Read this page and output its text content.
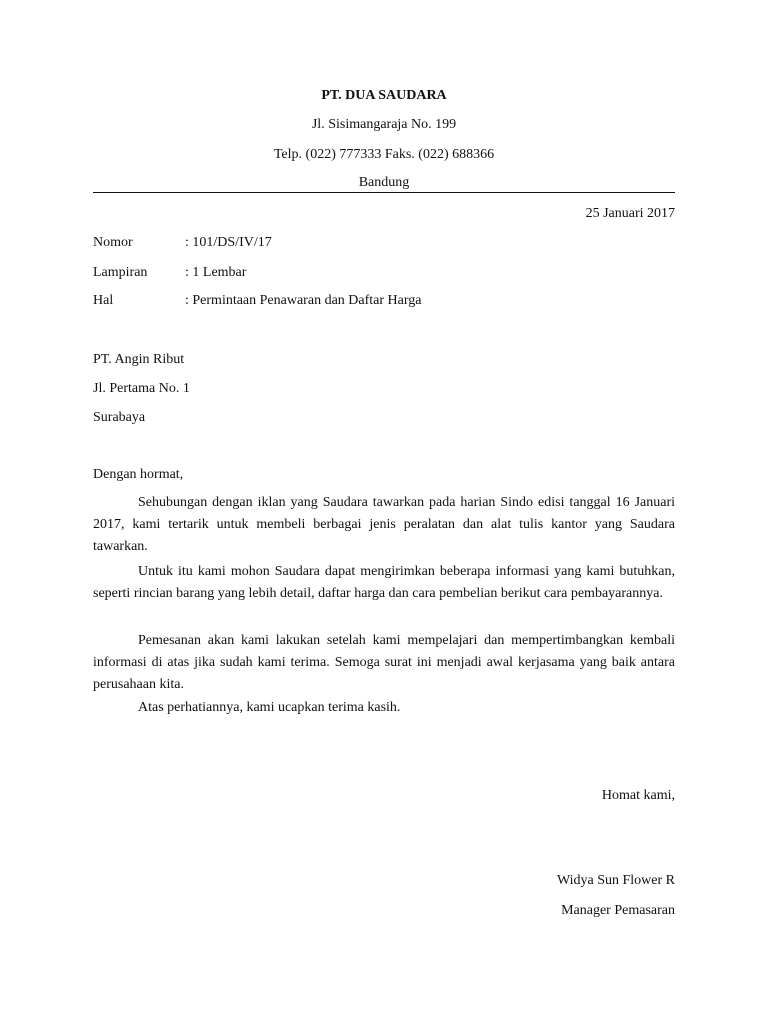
PT. DUA SAUDARA
Jl. Sisimangaraja No. 199
Telp. (022) 777333 Faks. (022) 688366
Bandung
25 Januari 2017
Nomor	: 101/DS/IV/17
Lampiran	: 1 Lembar
Hal	: Permintaan Penawaran dan Daftar Harga
PT. Angin Ribut
Jl. Pertama No. 1
Surabaya
Dengan hormat,
Sehubungan dengan iklan yang Saudara tawarkan pada harian Sindo edisi tanggal 16 Januari 2017, kami tertarik untuk membeli berbagai jenis peralatan dan alat tulis kantor yang Saudara tawarkan.
Untuk itu kami mohon Saudara dapat mengirimkan beberapa informasi yang kami butuhkan, seperti rincian barang yang lebih detail, daftar harga dan cara pembelian berikut cara pembayarannya.
Pemesanan akan kami lakukan setelah kami mempelajari dan mempertimbangkan kembali informasi di atas jika sudah kami terima. Semoga surat ini menjadi awal kerjasama yang baik antara perusahaan kita.
Atas perhatiannya, kami ucapkan terima kasih.
Homat kami,
Widya Sun Flower R
Manager Pemasaran
